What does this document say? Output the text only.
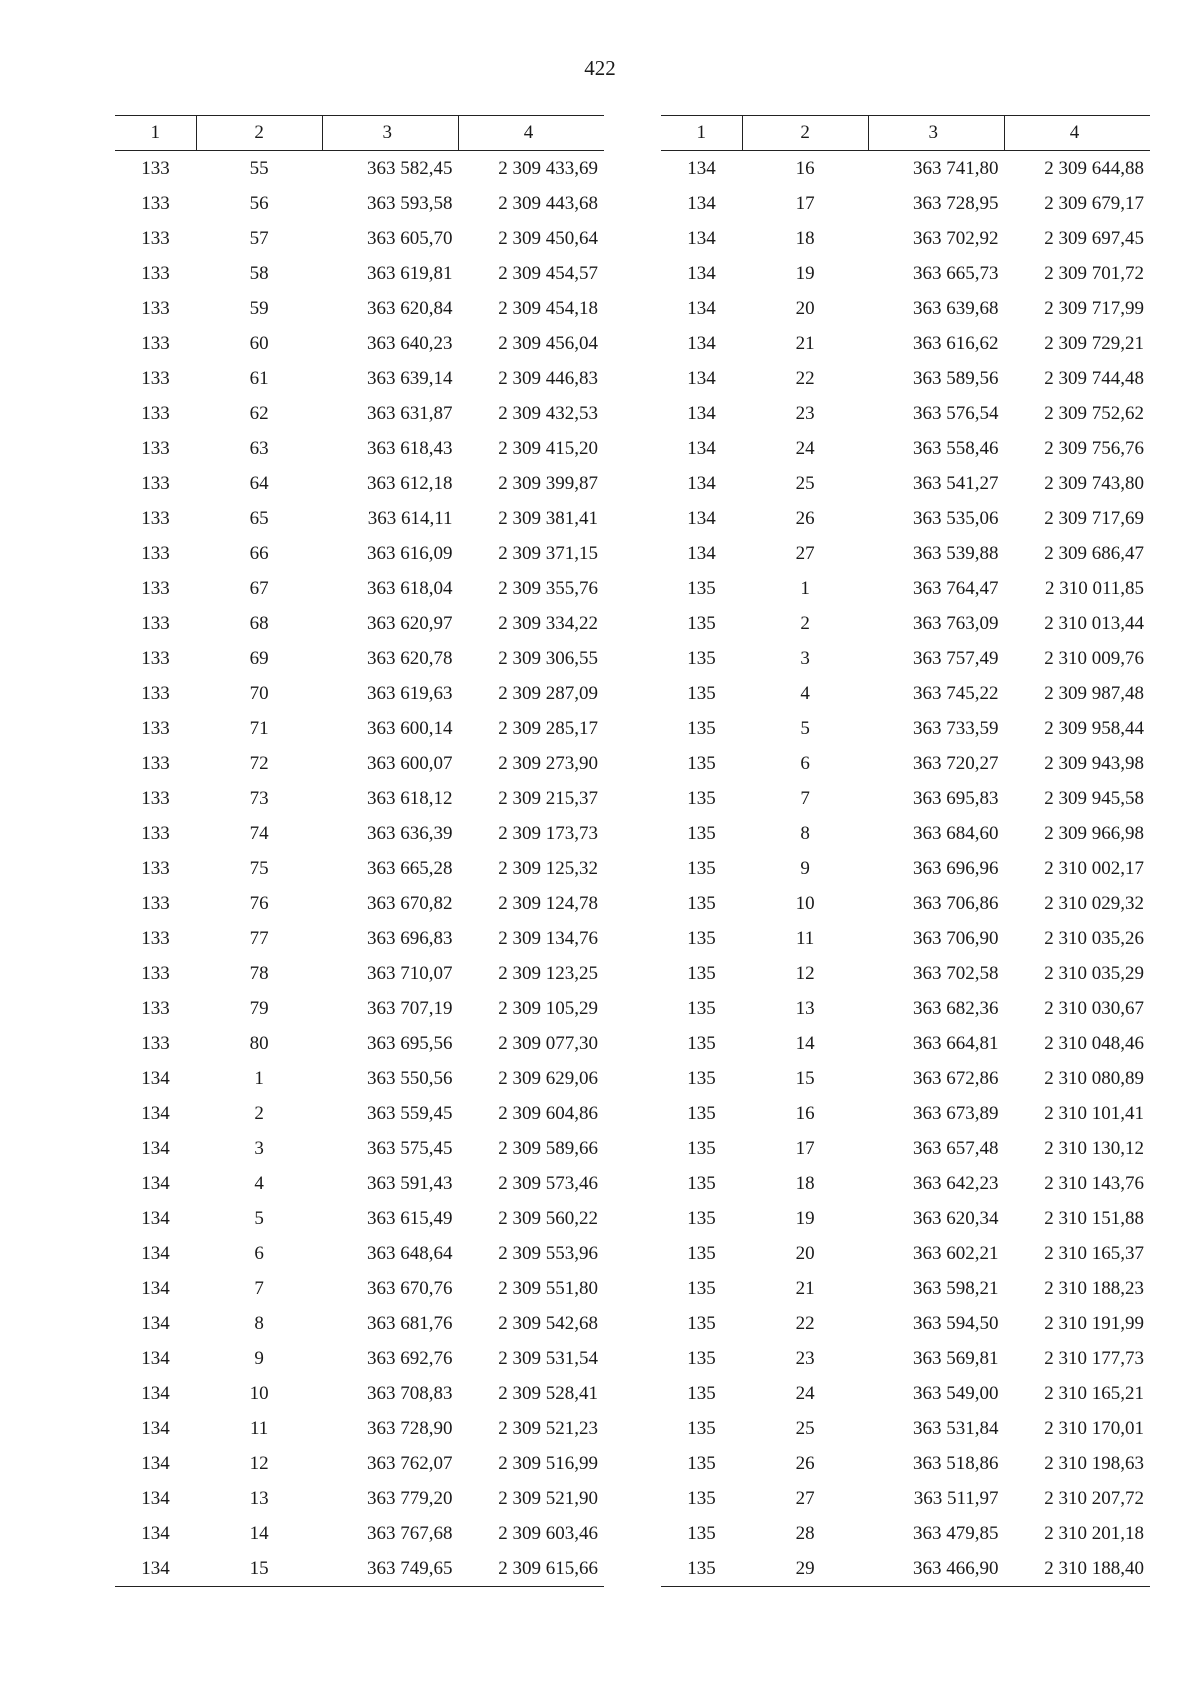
422
1	2	3	4
133	55	363 582,45	2 309 433,69
133	56	363 593,58	2 309 443,68
133	57	363 605,70	2 309 450,64
133	58	363 619,81	2 309 454,57
133	59	363 620,84	2 309 454,18
133	60	363 640,23	2 309 456,04
133	61	363 639,14	2 309 446,83
133	62	363 631,87	2 309 432,53
133	63	363 618,43	2 309 415,20
133	64	363 612,18	2 309 399,87
133	65	363 614,11	2 309 381,41
133	66	363 616,09	2 309 371,15
133	67	363 618,04	2 309 355,76
133	68	363 620,97	2 309 334,22
133	69	363 620,78	2 309 306,55
133	70	363 619,63	2 309 287,09
133	71	363 600,14	2 309 285,17
133	72	363 600,07	2 309 273,90
133	73	363 618,12	2 309 215,37
133	74	363 636,39	2 309 173,73
133	75	363 665,28	2 309 125,32
133	76	363 670,82	2 309 124,78
133	77	363 696,83	2 309 134,76
133	78	363 710,07	2 309 123,25
133	79	363 707,19	2 309 105,29
133	80	363 695,56	2 309 077,30
134	1	363 550,56	2 309 629,06
134	2	363 559,45	2 309 604,86
134	3	363 575,45	2 309 589,66
134	4	363 591,43	2 309 573,46
134	5	363 615,49	2 309 560,22
134	6	363 648,64	2 309 553,96
134	7	363 670,76	2 309 551,80
134	8	363 681,76	2 309 542,68
134	9	363 692,76	2 309 531,54
134	10	363 708,83	2 309 528,41
134	11	363 728,90	2 309 521,23
134	12	363 762,07	2 309 516,99
134	13	363 779,20	2 309 521,90
134	14	363 767,68	2 309 603,46
134	15	363 749,65	2 309 615,66
1	2	3	4
134	16	363 741,80	2 309 644,88
134	17	363 728,95	2 309 679,17
134	18	363 702,92	2 309 697,45
134	19	363 665,73	2 309 701,72
134	20	363 639,68	2 309 717,99
134	21	363 616,62	2 309 729,21
134	22	363 589,56	2 309 744,48
134	23	363 576,54	2 309 752,62
134	24	363 558,46	2 309 756,76
134	25	363 541,27	2 309 743,80
134	26	363 535,06	2 309 717,69
134	27	363 539,88	2 309 686,47
135	1	363 764,47	2 310 011,85
135	2	363 763,09	2 310 013,44
135	3	363 757,49	2 310 009,76
135	4	363 745,22	2 309 987,48
135	5	363 733,59	2 309 958,44
135	6	363 720,27	2 309 943,98
135	7	363 695,83	2 309 945,58
135	8	363 684,60	2 309 966,98
135	9	363 696,96	2 310 002,17
135	10	363 706,86	2 310 029,32
135	11	363 706,90	2 310 035,26
135	12	363 702,58	2 310 035,29
135	13	363 682,36	2 310 030,67
135	14	363 664,81	2 310 048,46
135	15	363 672,86	2 310 080,89
135	16	363 673,89	2 310 101,41
135	17	363 657,48	2 310 130,12
135	18	363 642,23	2 310 143,76
135	19	363 620,34	2 310 151,88
135	20	363 602,21	2 310 165,37
135	21	363 598,21	2 310 188,23
135	22	363 594,50	2 310 191,99
135	23	363 569,81	2 310 177,73
135	24	363 549,00	2 310 165,21
135	25	363 531,84	2 310 170,01
135	26	363 518,86	2 310 198,63
135	27	363 511,97	2 310 207,72
135	28	363 479,85	2 310 201,18
135	29	363 466,90	2 310 188,40
